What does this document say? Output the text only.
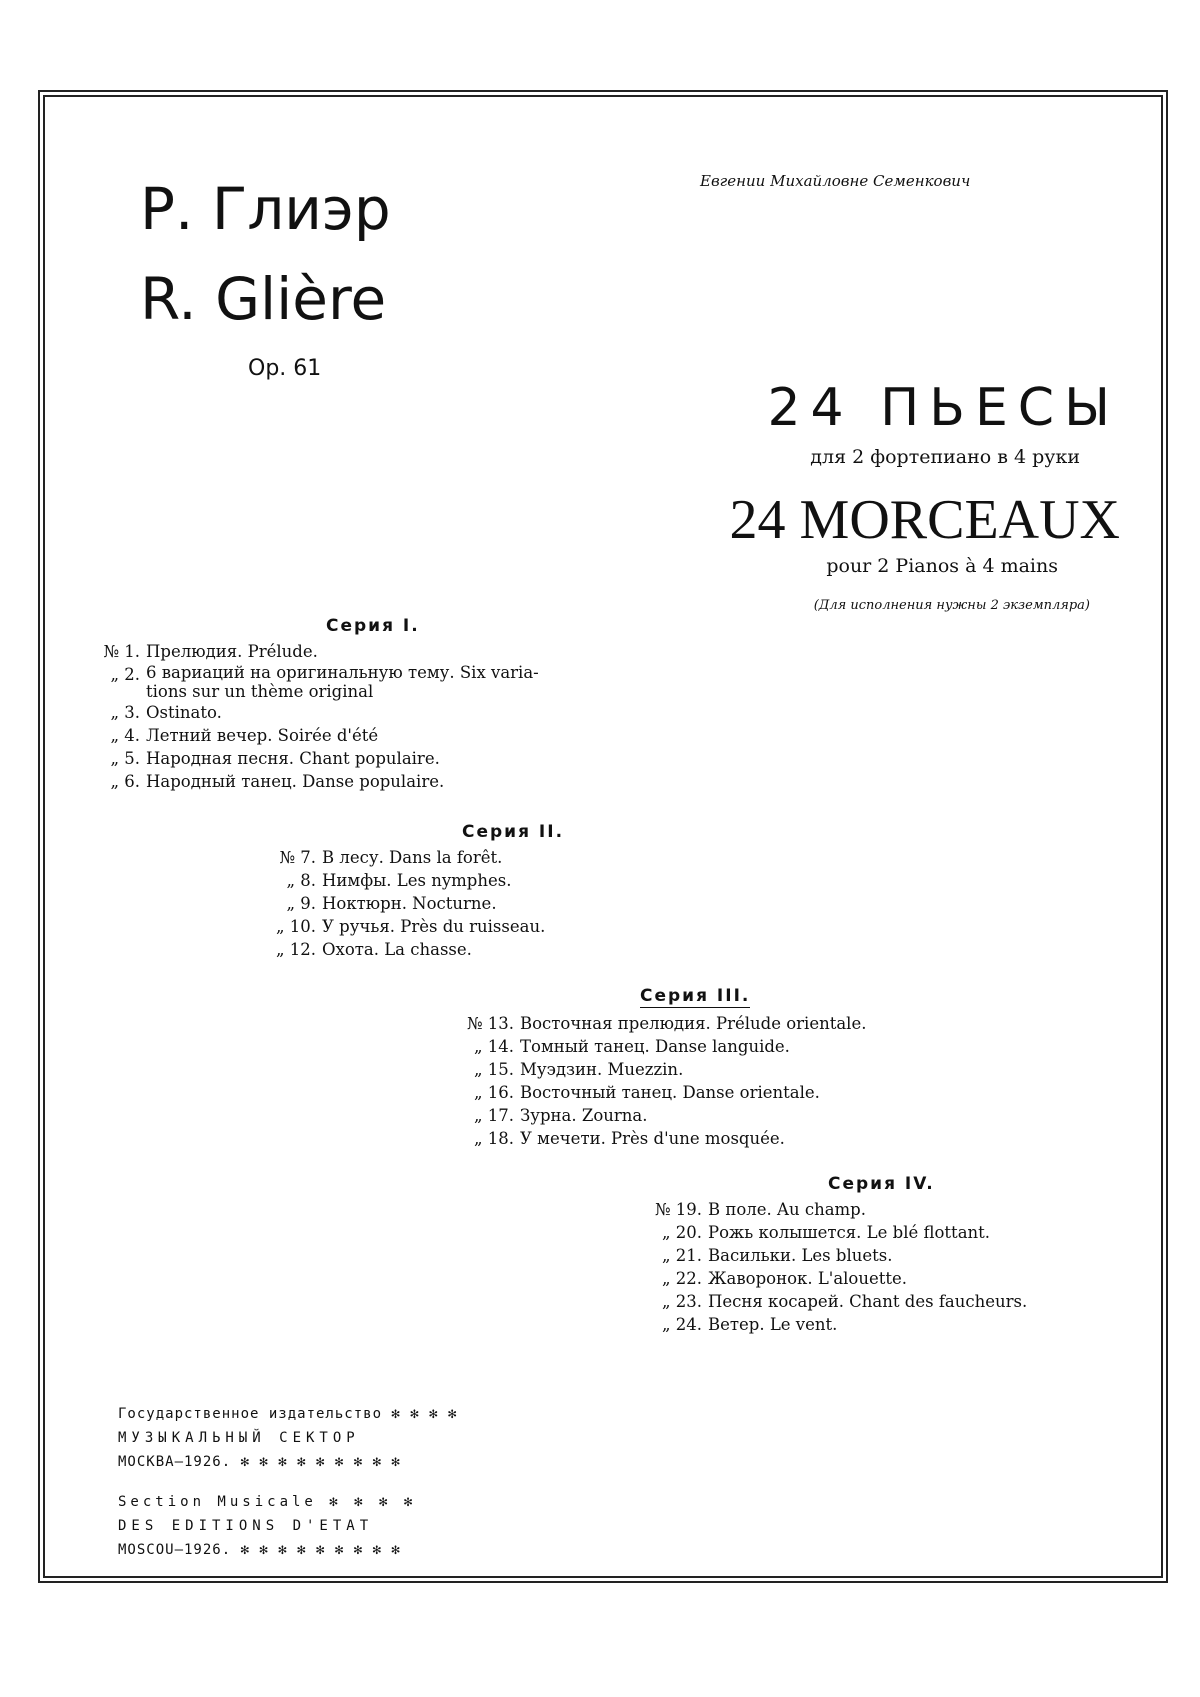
Евгении Михайловне Семенкович
Р. Глиэр
R. Glière
Op. 61
24 ПЬЕСЫ
для 2 фортепиано в 4 руки
24 MORCEAUX
pour 2 Pianos à 4 mains
(Для исполнения нужны 2 экземпляра)
Серия I.
№ 1. Прелюдия. Prélude.
„ 2. 6 вариаций на оригинальную тему. Six varia-
tions sur un thème original
„ 3. Ostinato.
„ 4. Летний вечер. Soirée d'été
„ 5. Народная песня. Chant populaire.
„ 6. Народный танец. Danse populaire.
Серия II.
№ 7. В лесу. Dans la forêt.
„ 8. Нимфы. Les nymphes.
„ 9. Ноктюрн. Nocturne.
„ 10. У ручья. Près du ruisseau.
„ 12. Охота. La chasse.
Серия III.
№ 13. Восточная прелюдия. Prélude orientale.
„ 14. Томный танец. Danse languide.
„ 15. Муэдзин. Muezzin.
„ 16. Восточный танец. Danse orientale.
„ 17. Зурна. Zourna.
„ 18. У мечети. Près d'une mosquée.
Серия IV.
№ 19. В поле. Au champ.
„ 20. Рожь колышется. Le blé flottant.
„ 21. Васильки. Les bluets.
„ 22. Жаворонок. L'alouette.
„ 23. Песня косарей. Chant des faucheurs.
„ 24. Ветер. Le vent.
Государственное издательство ✻ ✻ ✻ ✻
МУЗЫКАЛЬНЫЙ СЕКТОР
МОСКВА—1926. ✻ ✻ ✻ ✻ ✻ ✻ ✻ ✻ ✻
Section Musicale ✻ ✻ ✻ ✻
DES EDITIONS D'ETAT
MOSCOU—1926. ✻ ✻ ✻ ✻ ✻ ✻ ✻ ✻ ✻
